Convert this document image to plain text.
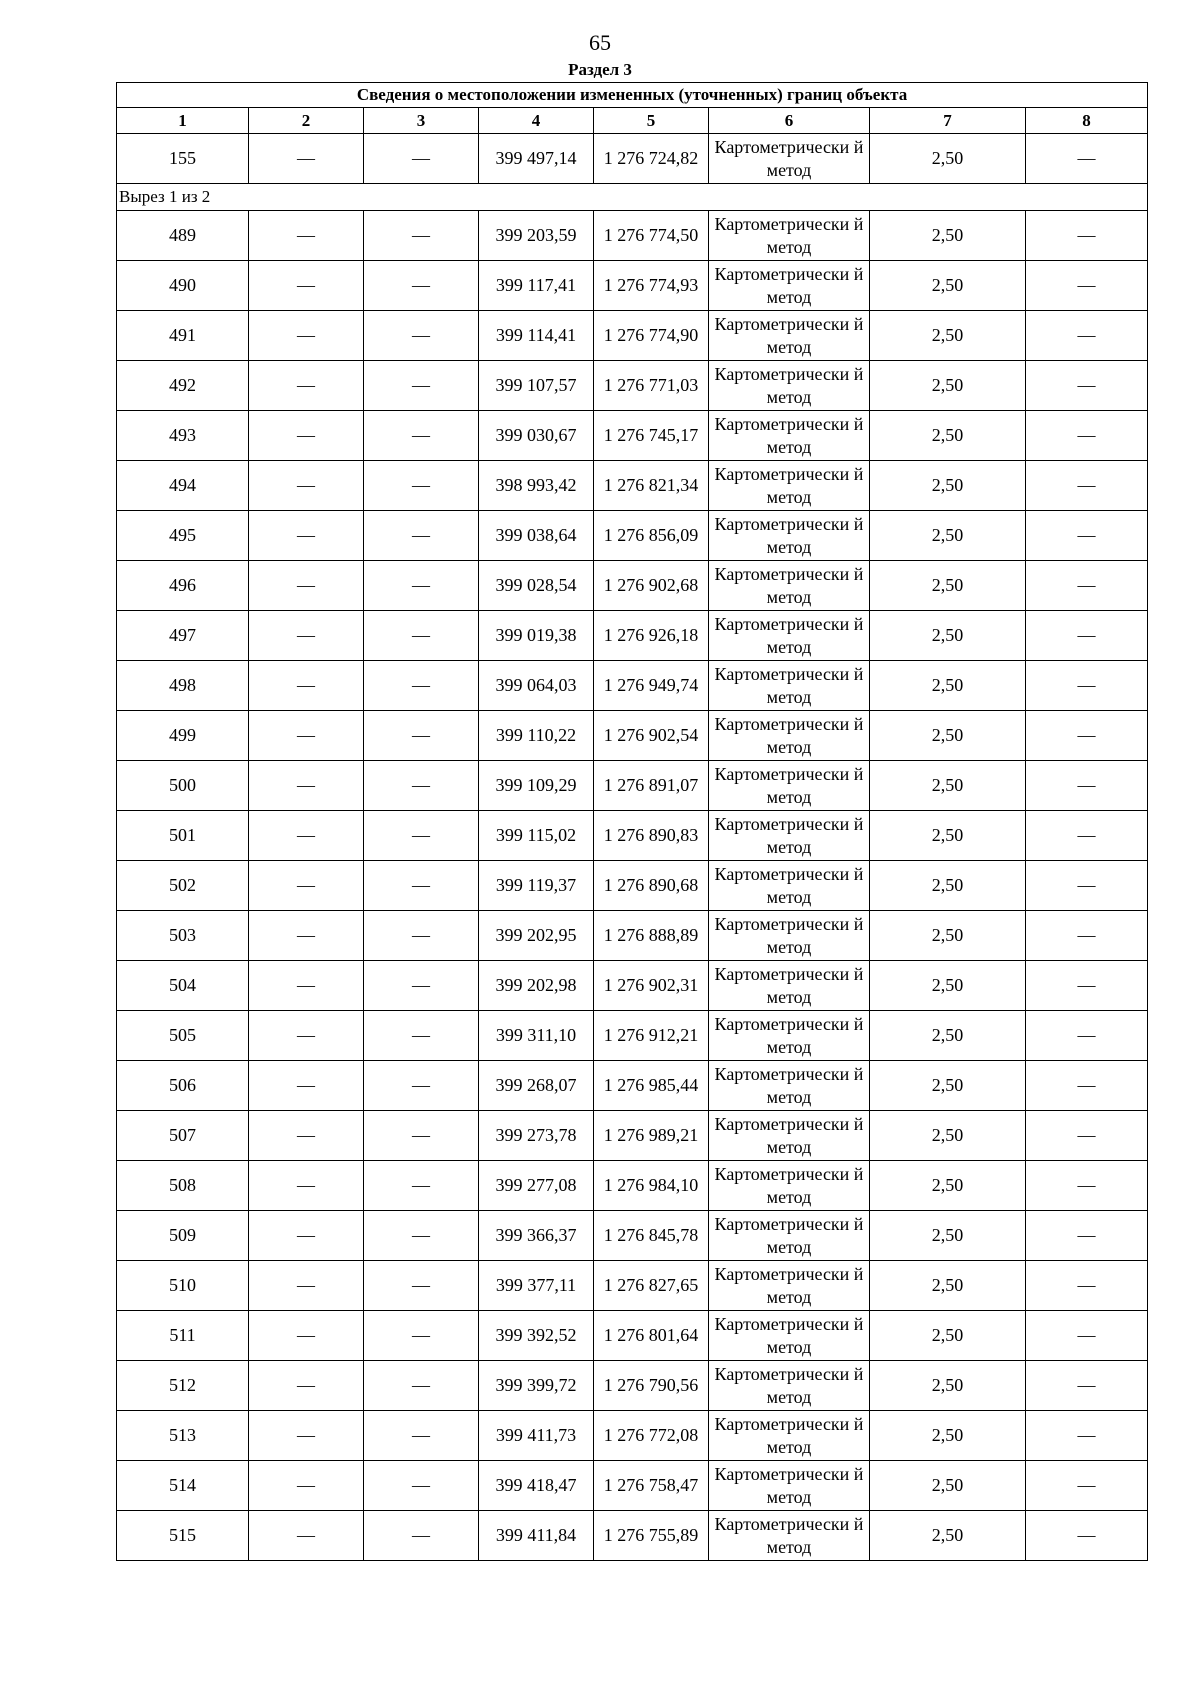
65
Раздел 3
Сведения о местоположении измененных (уточненных) границ объекта							
1	2	3	4	5	6	7	8
155	—	—	399 497,14	1 276 724,82	Картометрически й метод	2,50	—
Вырез 1 из 2							
489	—	—	399 203,59	1 276 774,50	Картометрически й метод	2,50	—
490	—	—	399 117,41	1 276 774,93	Картометрически й метод	2,50	—
491	—	—	399 114,41	1 276 774,90	Картометрически й метод	2,50	—
492	—	—	399 107,57	1 276 771,03	Картометрически й метод	2,50	—
493	—	—	399 030,67	1 276 745,17	Картометрически й метод	2,50	—
494	—	—	398 993,42	1 276 821,34	Картометрически й метод	2,50	—
495	—	—	399 038,64	1 276 856,09	Картометрически й метод	2,50	—
496	—	—	399 028,54	1 276 902,68	Картометрически й метод	2,50	—
497	—	—	399 019,38	1 276 926,18	Картометрически й метод	2,50	—
498	—	—	399 064,03	1 276 949,74	Картометрически й метод	2,50	—
499	—	—	399 110,22	1 276 902,54	Картометрически й метод	2,50	—
500	—	—	399 109,29	1 276 891,07	Картометрически й метод	2,50	—
501	—	—	399 115,02	1 276 890,83	Картометрически й метод	2,50	—
502	—	—	399 119,37	1 276 890,68	Картометрически й метод	2,50	—
503	—	—	399 202,95	1 276 888,89	Картометрически й метод	2,50	—
504	—	—	399 202,98	1 276 902,31	Картометрически й метод	2,50	—
505	—	—	399 311,10	1 276 912,21	Картометрически й метод	2,50	—
506	—	—	399 268,07	1 276 985,44	Картометрически й метод	2,50	—
507	—	—	399 273,78	1 276 989,21	Картометрически й метод	2,50	—
508	—	—	399 277,08	1 276 984,10	Картометрически й метод	2,50	—
509	—	—	399 366,37	1 276 845,78	Картометрически й метод	2,50	—
510	—	—	399 377,11	1 276 827,65	Картометрически й метод	2,50	—
511	—	—	399 392,52	1 276 801,64	Картометрически й метод	2,50	—
512	—	—	399 399,72	1 276 790,56	Картометрически й метод	2,50	—
513	—	—	399 411,73	1 276 772,08	Картометрически й метод	2,50	—
514	—	—	399 418,47	1 276 758,47	Картометрически й метод	2,50	—
515	—	—	399 411,84	1 276 755,89	Картометрически й метод	2,50	—
